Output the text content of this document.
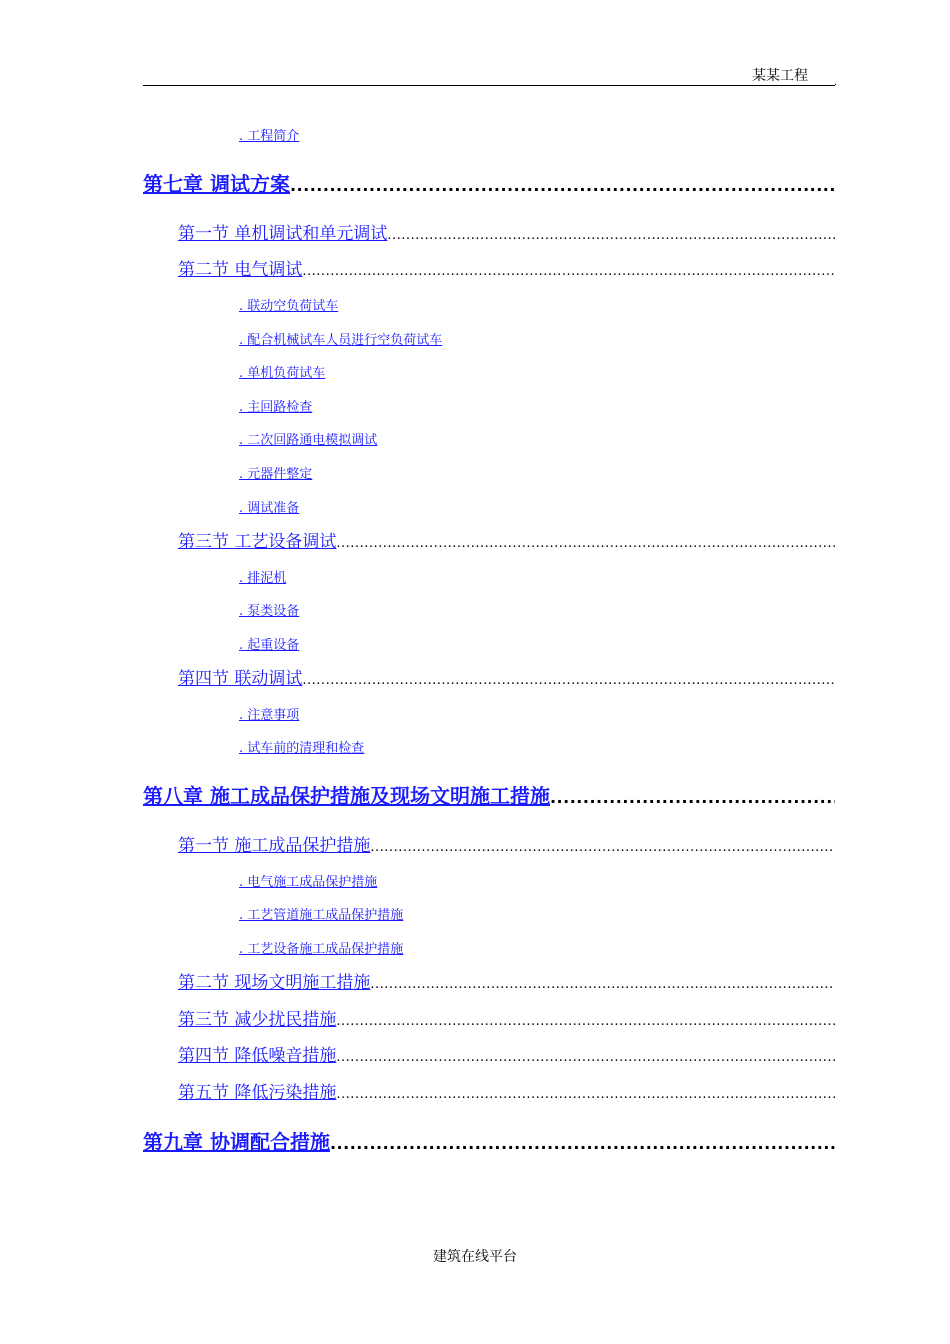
某某工程	.
. 工程简介
第七章 调试方案
.....
第一节 单机调试和单元调试
.....
第二节 电气调试
.....
. 联动空负荷试车
. 配合机械试车人员进行空负荷试车
. 单机负荷试车
. 主回路检查
. 二次回路通电模拟调试
. 元器件整定
. 调试准备
第三节 工艺设备调试
.....
. 排泥机
. 泵类设备
. 起重设备
第四节 联动调试
.....
. 注意事项
. 试车前的清理和检查
第八章 施工成品保护措施及现场文明施工措施
.....
第一节 施工成品保护措施
.....
. 电气施工成品保护措施
. 工艺管道施工成品保护措施
. 工艺设备施工成品保护措施
第二节 现场文明施工措施
.....
第三节 减少扰民措施
.....
第四节 降低噪音措施
.....
第五节 降低污染措施
.....
第九章 协调配合措施
.....
建筑在线平台
